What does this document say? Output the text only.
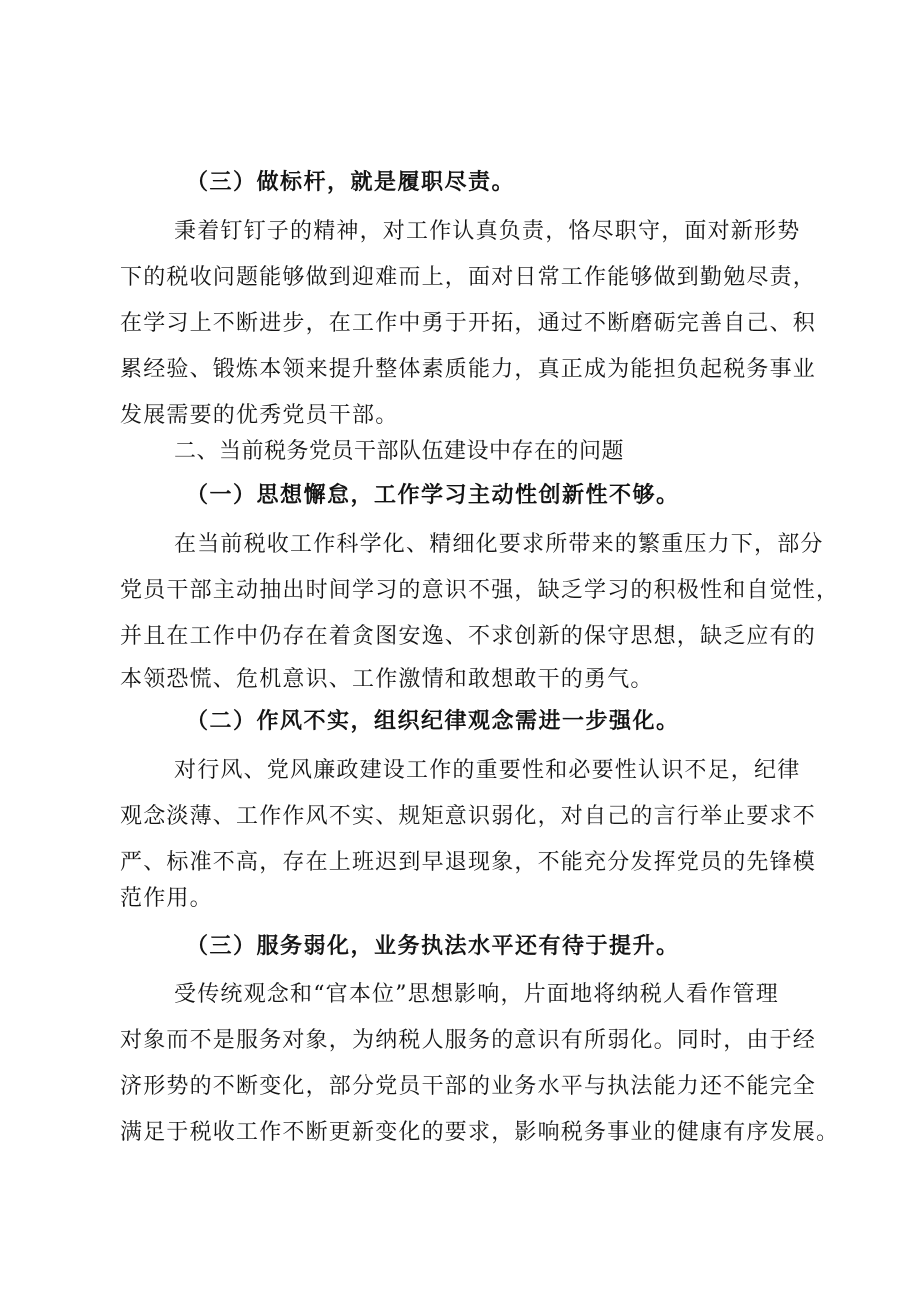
（三）做标杆，就是履职尽责。
秉着钉钉子的精神，对工作认真负责，恪尽职守，面对新形势
下的税收问题能够做到迎难而上，面对日常工作能够做到勤勉尽责，
在学习上不断进步，在工作中勇于开拓，通过不断磨砺完善自己、积
累经验、锻炼本领来提升整体素质能力，真正成为能担负起税务事业
发展需要的优秀党员干部。
二、当前税务党员干部队伍建设中存在的问题
（一）思想懈怠，工作学习主动性创新性不够。
在当前税收工作科学化、精细化要求所带来的繁重压力下，部分
党员干部主动抽出时间学习的意识不强，缺乏学习的积极性和自觉性，
并且在工作中仍存在着贪图安逸、不求创新的保守思想，缺乏应有的
本领恐慌、危机意识、工作激情和敢想敢干的勇气。
（二）作风不实，组织纪律观念需进一步强化。
对行风、党风廉政建设工作的重要性和必要性认识不足，纪律
观念淡薄、工作作风不实、规矩意识弱化，对自己的言行举止要求不
严、标准不高，存在上班迟到早退现象，不能充分发挥党员的先锋模
范作用。
（三）服务弱化，业务执法水平还有待于提升。
受传统观念和“官本位”思想影响，片面地将纳税人看作管理
对象而不是服务对象，为纳税人服务的意识有所弱化。同时，由于经
济形势的不断变化，部分党员干部的业务水平与执法能力还不能完全
满足于税收工作不断更新变化的要求，影响税务事业的健康有序发展。
